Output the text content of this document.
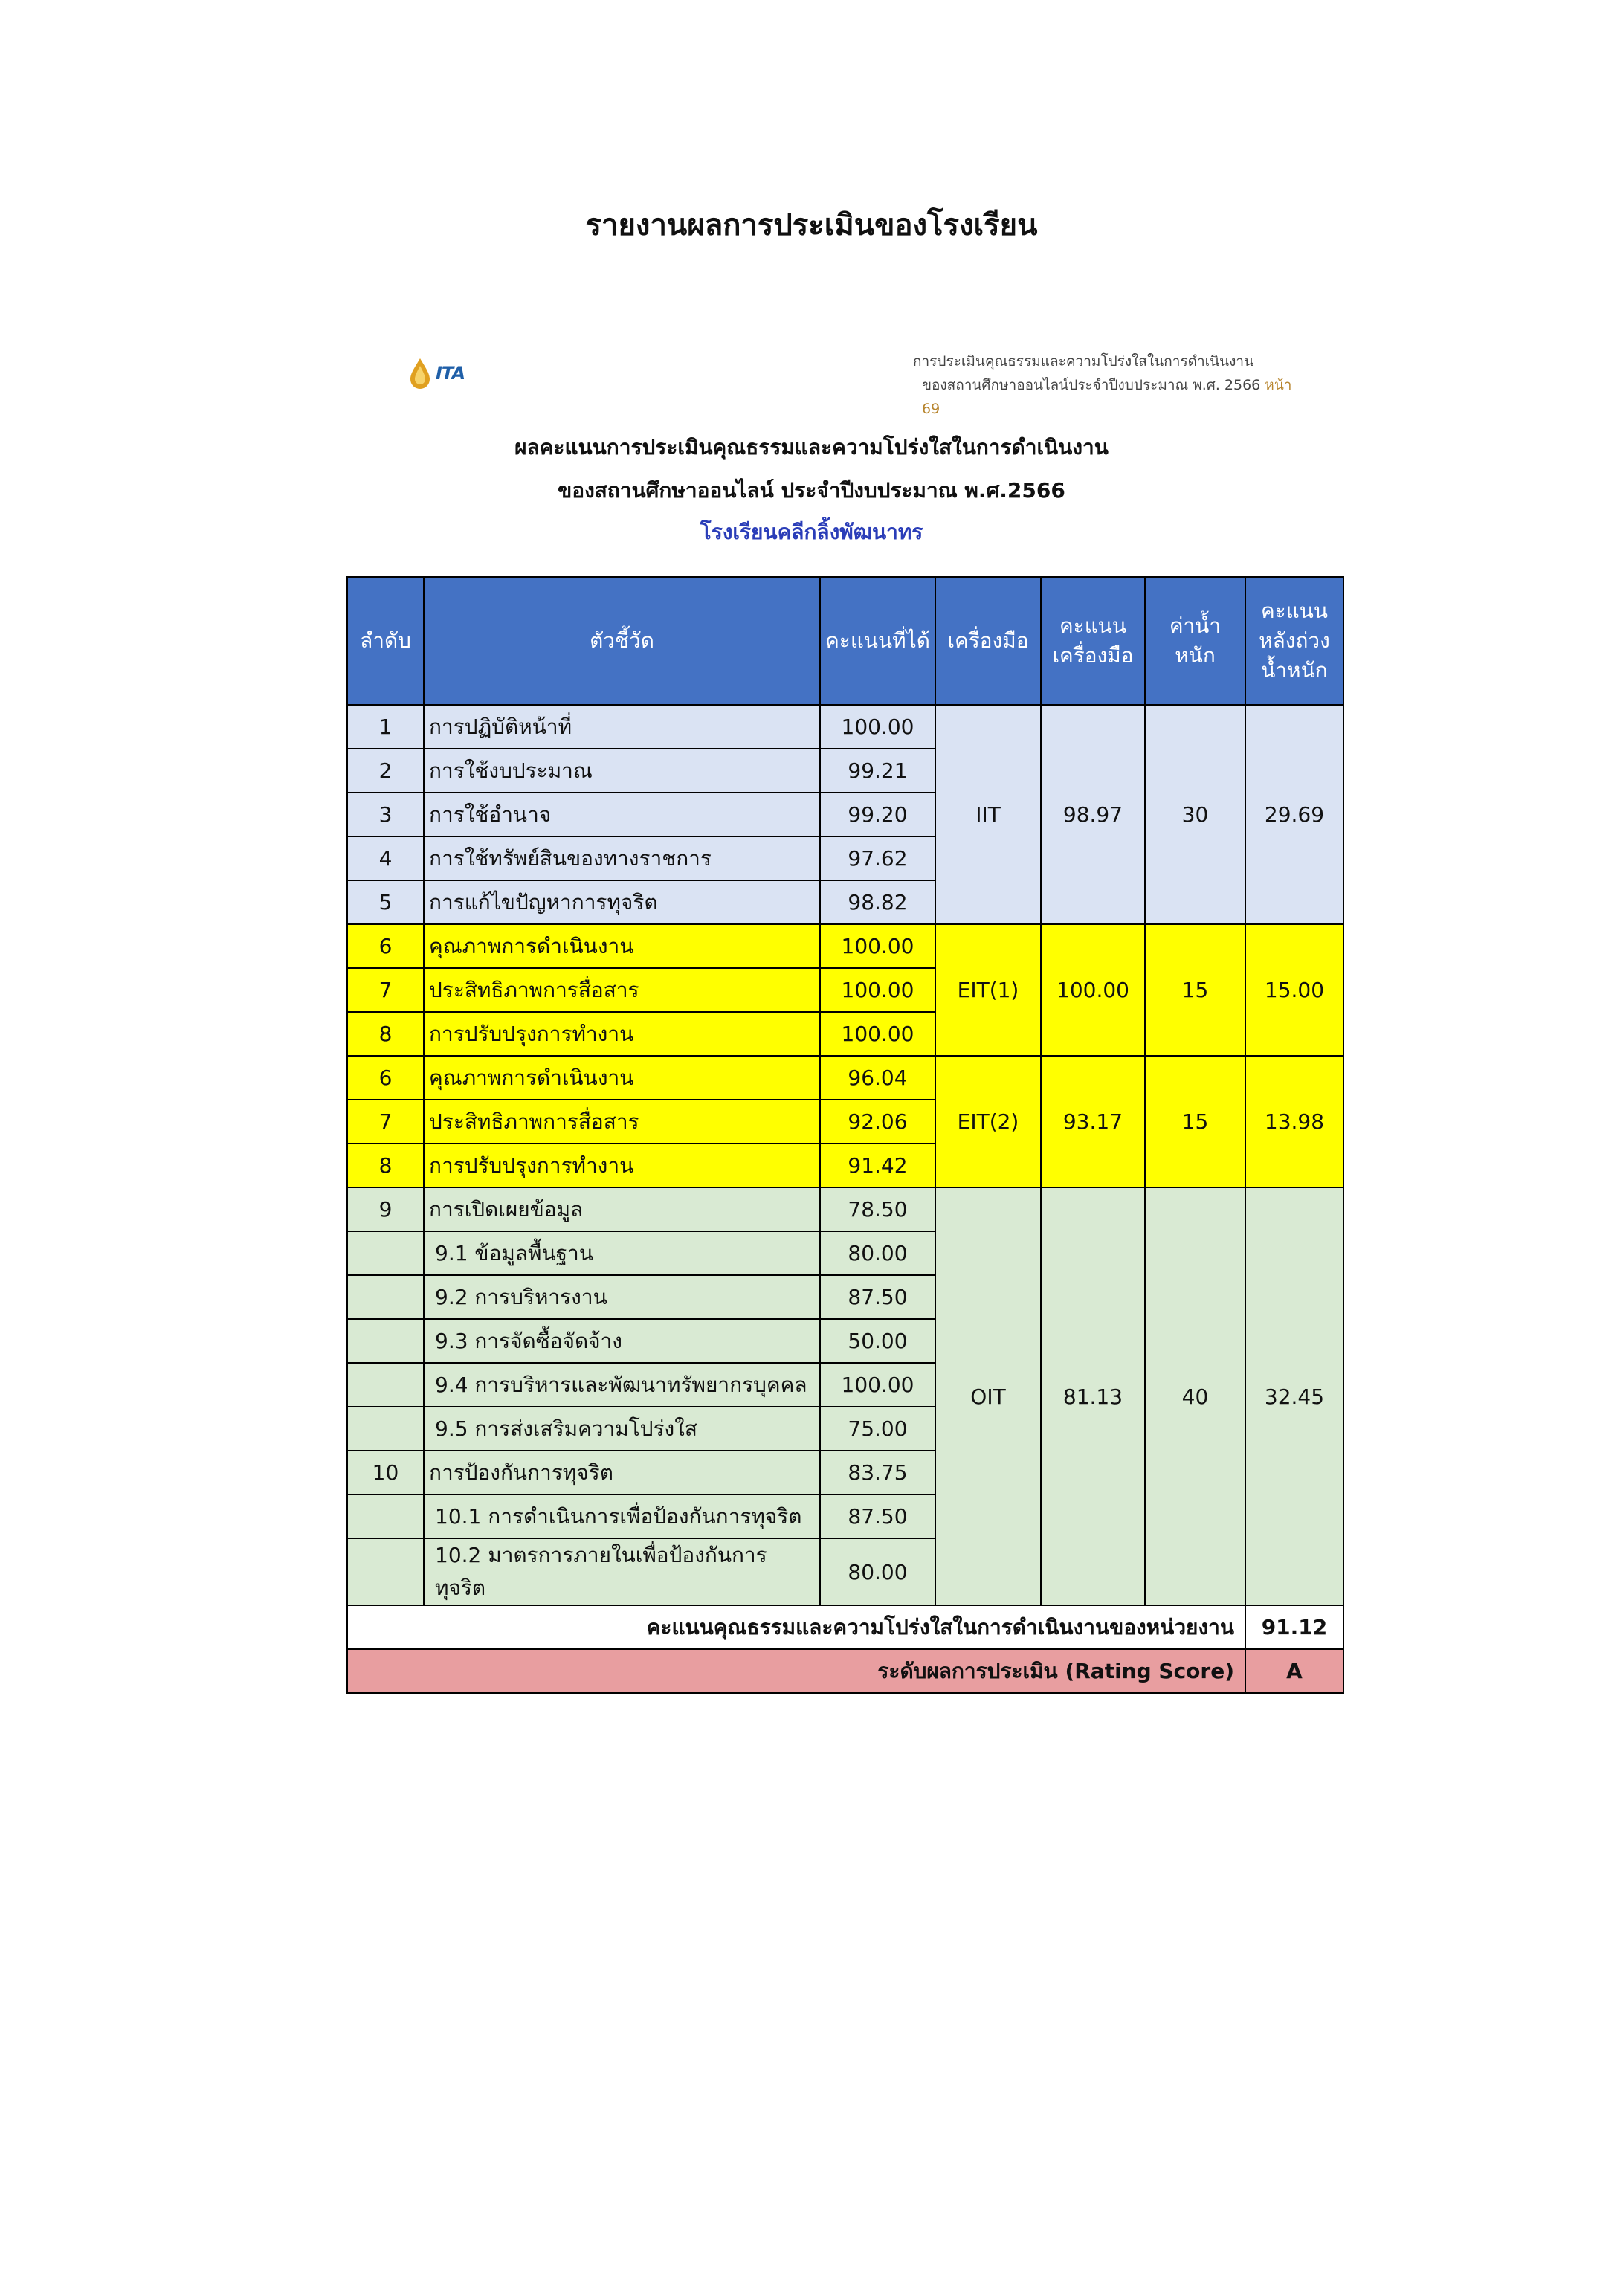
รายงานผลการประเมินของโรงเรียน
ITA
การประเมินคุณธรรมและความโปร่งใสในการดำเนินงาน
ของสถานศึกษาออนไลน์ประจำปีงบประมาณ พ.ศ. 2566 หน้า 69
ผลคะแนนการประเมินคุณธรรมและความโปร่งใสในการดำเนินงาน
ของสถานศึกษาออนไลน์ ประจำปีงบประมาณ พ.ศ.2566
โรงเรียนคลีกลิ้งพัฒนาทร
ลำดับ	ตัวชี้วัด	คะแนนที่ได้	เครื่องมือ	คะแนนเครื่องมือ	ค่าน้ำหนัก	คะแนนหลังถ่วงน้ำหนัก
1	การปฏิบัติหน้าที่	100.00	IIT	98.97	30	29.69
2	การใช้งบประมาณ	99.21				
3	การใช้อำนาจ	99.20				
4	การใช้ทรัพย์สินของทางราชการ	97.62				
5	การแก้ไขปัญหาการทุจริต	98.82				
6	คุณภาพการดำเนินงาน	100.00	EIT(1)	100.00	15	15.00
7	ประสิทธิภาพการสื่อสาร	100.00				
8	การปรับปรุงการทำงาน	100.00				
6	คุณภาพการดำเนินงาน	96.04	EIT(2)	93.17	15	13.98
7	ประสิทธิภาพการสื่อสาร	92.06				
8	การปรับปรุงการทำงาน	91.42				
9	การเปิดเผยข้อมูล	78.50	OIT	81.13	40	32.45
	9.1 ข้อมูลพื้นฐาน	80.00				
	9.2 การบริหารงาน	87.50				
	9.3 การจัดซื้อจัดจ้าง	50.00				
	9.4 การบริหารและพัฒนาทรัพยากรบุคคล	100.00				
	9.5 การส่งเสริมความโปร่งใส	75.00				
10	การป้องกันการทุจริต	83.75				
	10.1 การดำเนินการเพื่อป้องกันการทุจริต	87.50				
	10.2 มาตรการภายในเพื่อป้องกันการทุจริต	80.00				
คะแนนคุณธรรมและความโปร่งใสในการดำเนินงานของหน่วยงาน						91.12
ระดับผลการประเมิน (Rating Score)						A
